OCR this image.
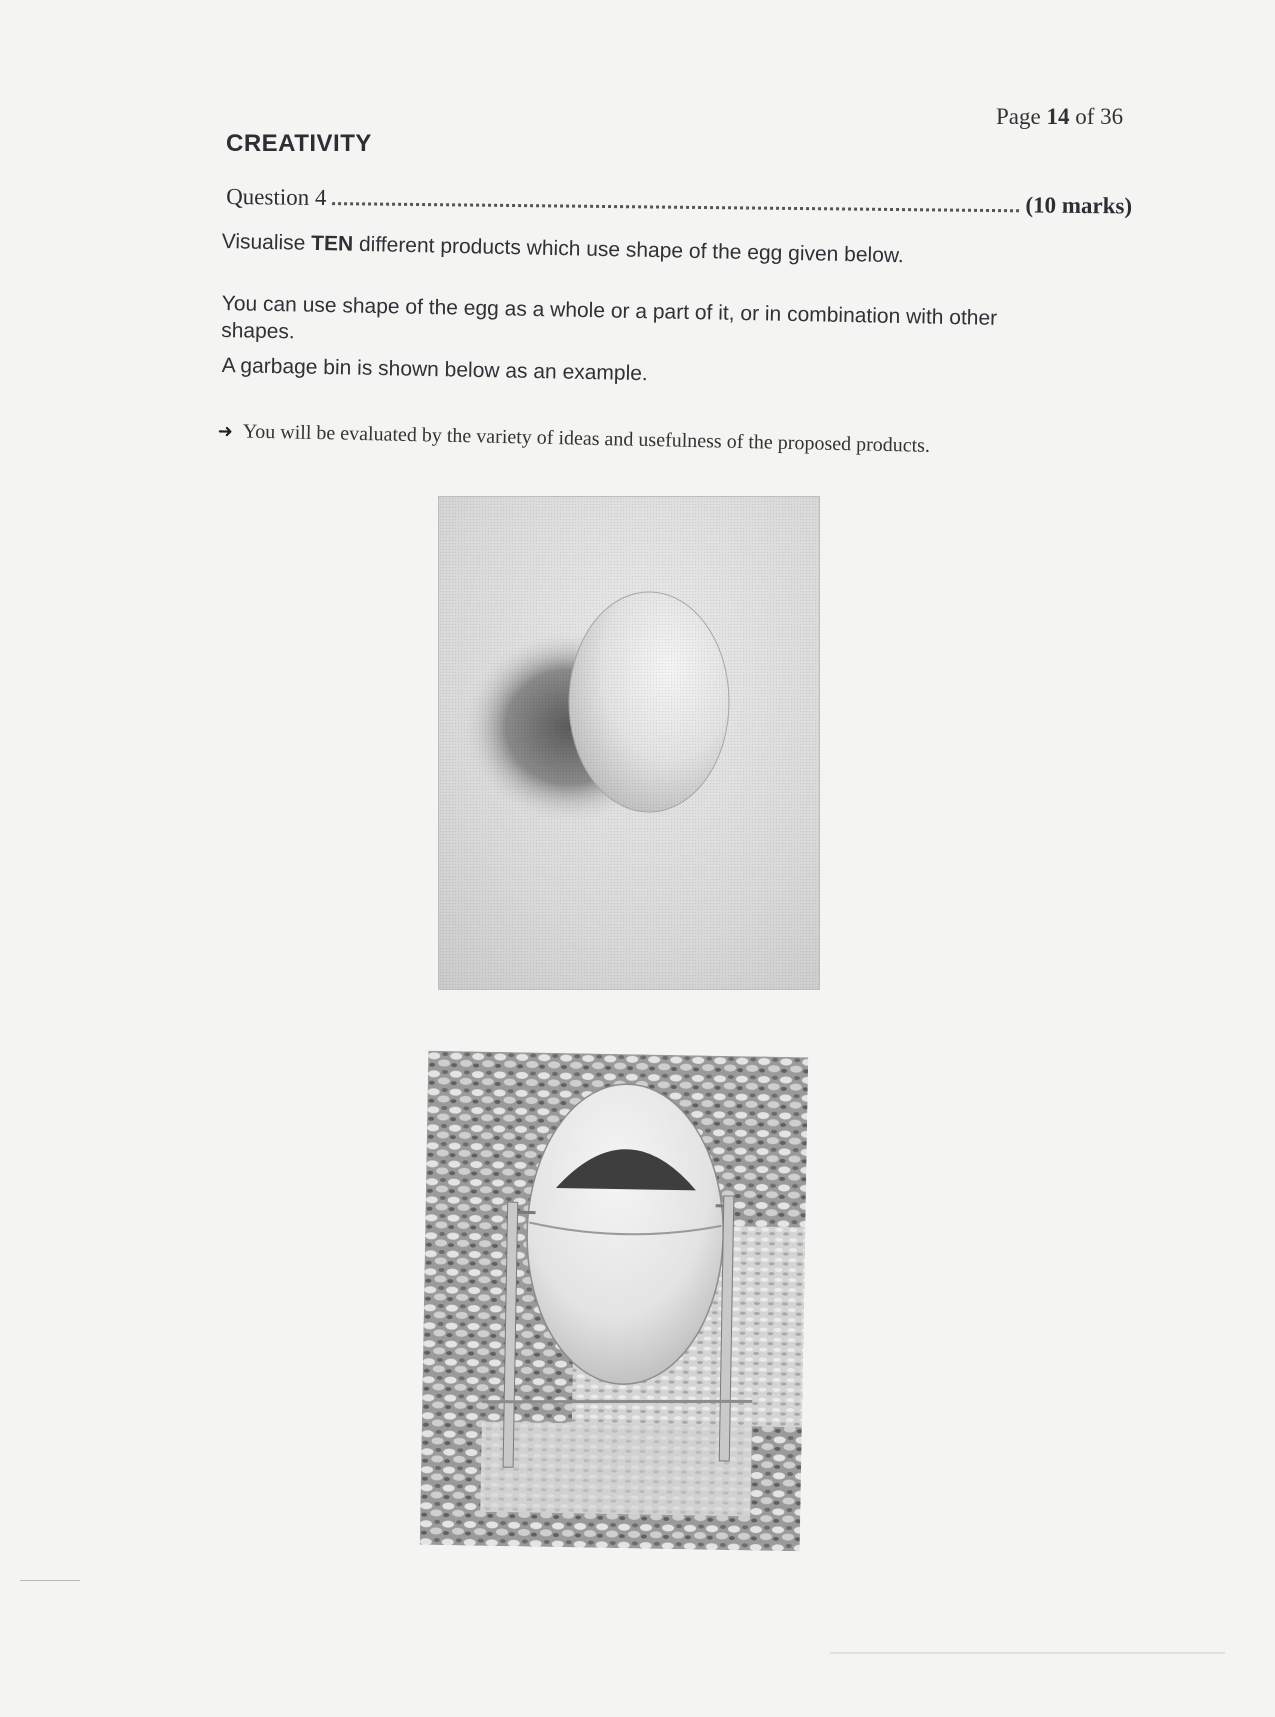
Page 14 of 36
CREATIVITY
Question 4	(10 marks)
Visualise TEN different products which use shape of the egg given below.
You can use shape of the egg as a whole or a part of it, or in combination with other shapes.
A garbage bin is shown below as an example.
➜ You will be evaluated by the variety of ideas and usefulness of the proposed products.
